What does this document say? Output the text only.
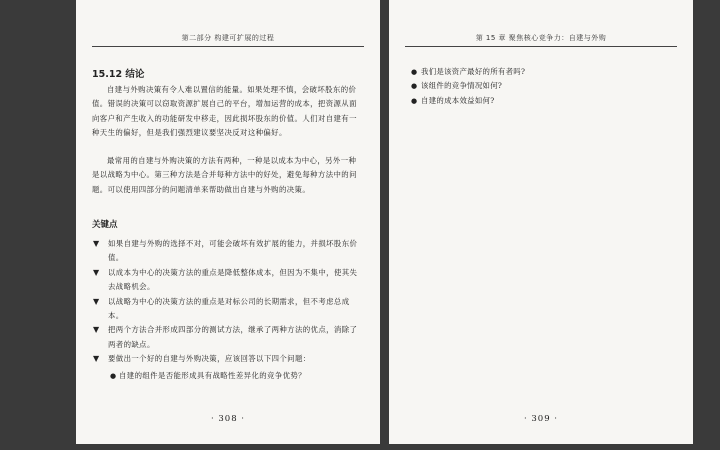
第二部分 构建可扩展的过程
15.12 结论

自建与外购决策有令人难以置信的能量。如果处理不慎，会破坏股东的价值。错误的决策可以窃取资源扩展自己的平台，增加运营的成本，把资源从面向客户和产生收入的功能研发中移走，因此损坏股东的价值。人们对自建有一种天生的偏好，但是我们强烈建议要坚决反对这种偏好。

最常用的自建与外购决策的方法有两种，一种是以成本为中心，另外一种是以战略为中心。第三种方法是合并每种方法中的好处，避免每种方法中的问题。可以使用四部分的问题清单来帮助做出自建与外购的决策。

关键点
▼ 如果自建与外购的选择不对，可能会破坏有效扩展的能力，并损坏股东价值。
▼ 以成本为中心的决策方法的重点是降低整体成本，但因为不集中，使其失去战略机会。
▼ 以战略为中心的决策方法的重点是对标公司的长期需求，但不考虑总成本。
▼ 把两个方法合并形成四部分的测试方法，继承了两种方法的优点，消除了两者的缺点。
▼ 要做出一个好的自建与外购决策，应该回答以下四个问题：
● 自建的组件是否能形成具有战略性差异化的竞争优势？
· 308 ·
第 15 章 聚焦核心竞争力：自建与外购
● 我们是该资产最好的所有者吗?
● 该组件的竞争情况如何?
● 自建的成本效益如何?
· 309 ·
